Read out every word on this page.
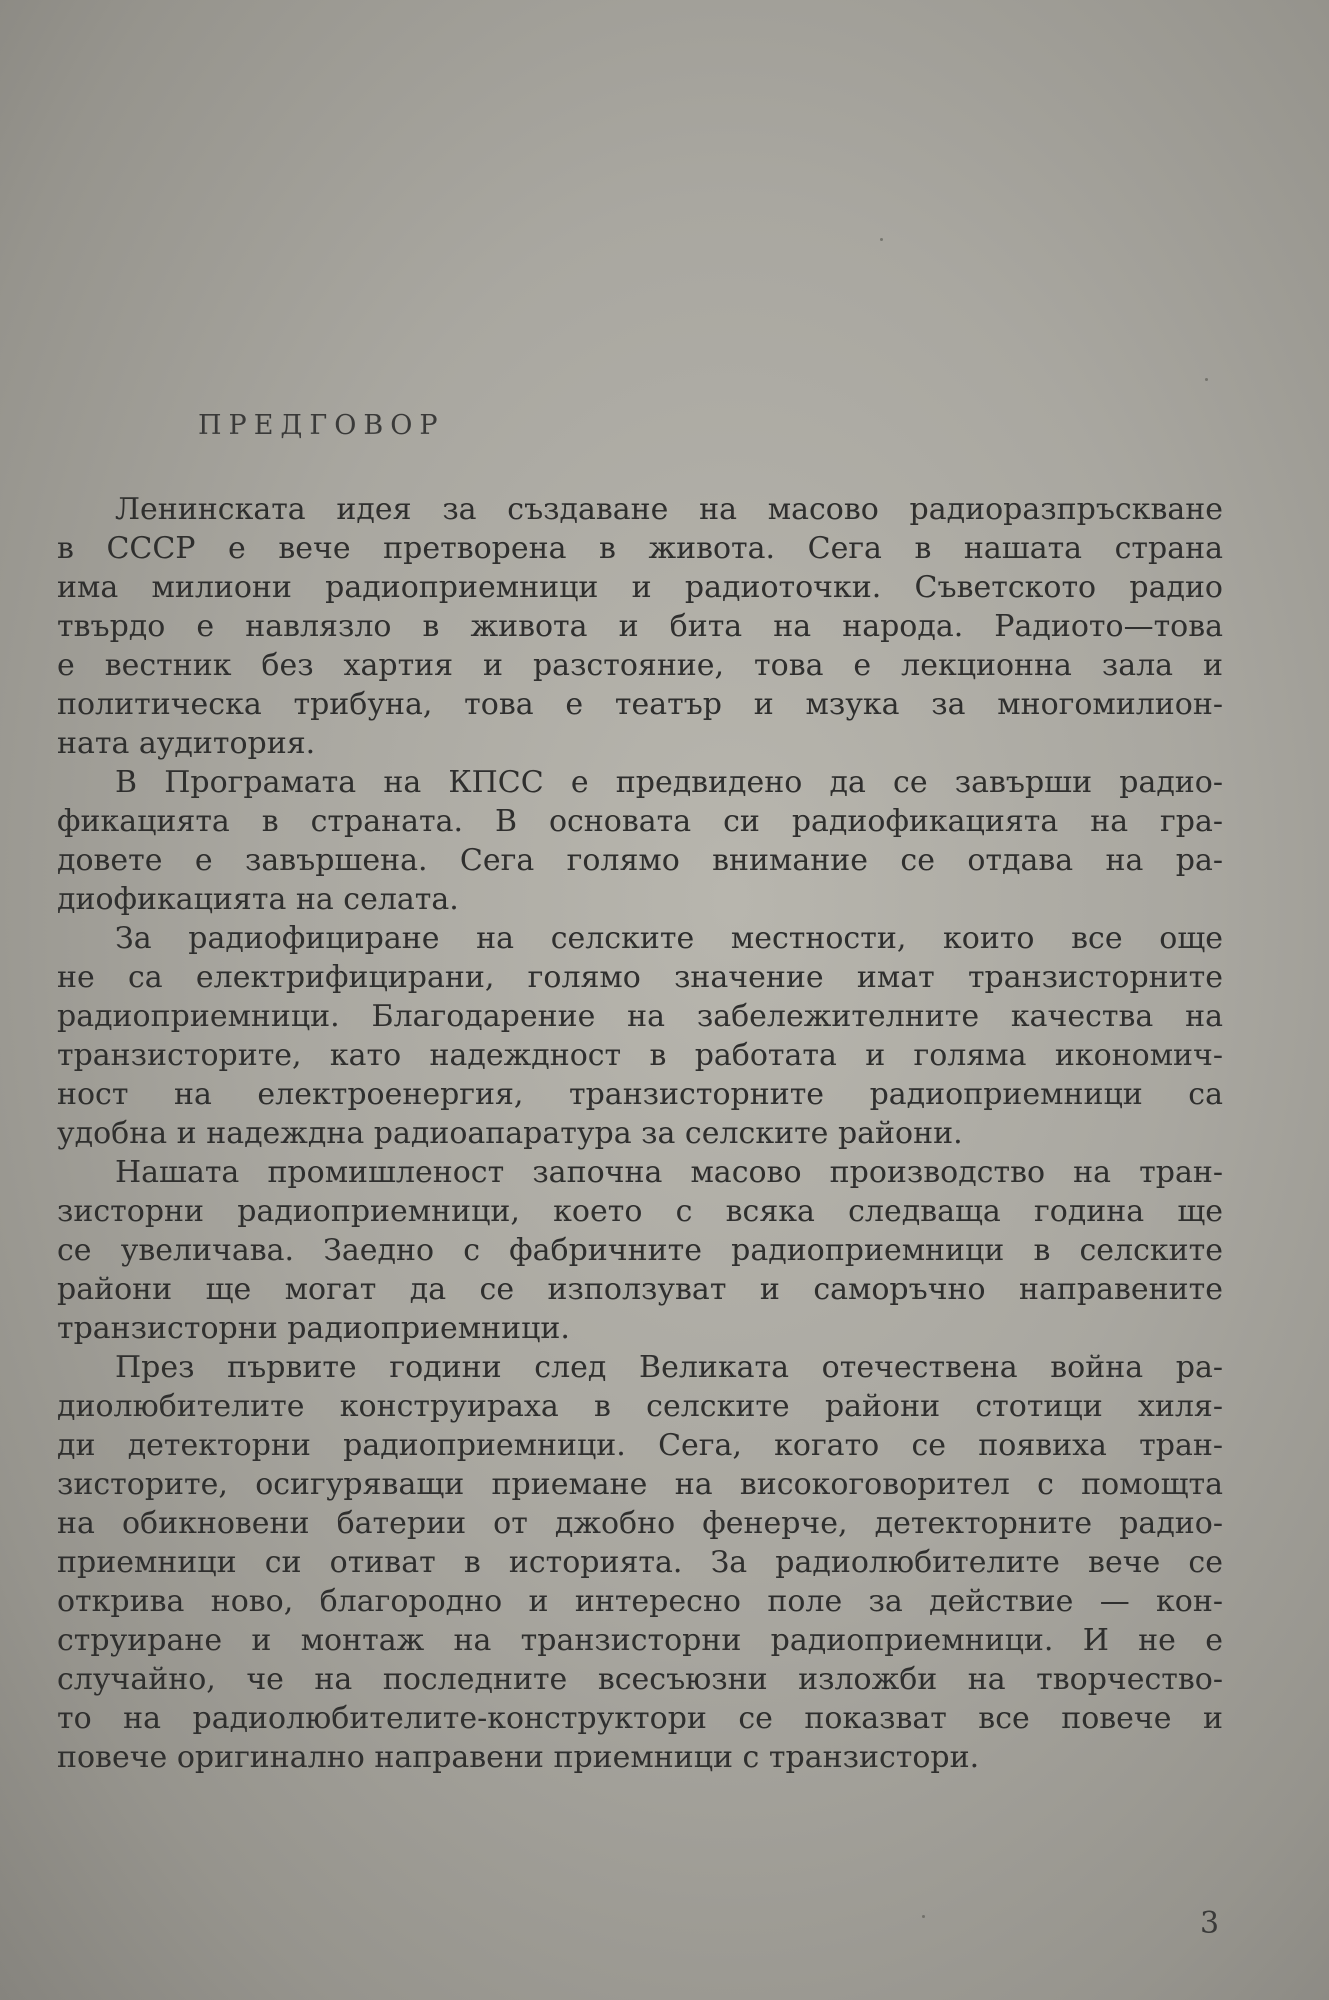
ПРЕДГОВОР
Ленинската идея за създаване на масово радиоразпръскване
в СССР е вече претворена в живота. Сега в нашата страна
има милиони радиоприемници и радиоточки. Съветското радио
твърдо е навлязло в живота и бита на народа. Радиото—това
е вестник без хартия и разстояние, това е лекционна зала и
политическа трибуна, това е театър и мзука за многомилион-
ната аудитория.
В Програмата на КПСС е предвидено да се завърши радио-
фикацията в страната. В основата си радиофикацията на гра-
довете е завършена. Сега голямо внимание се отдава на ра-
диофикацията на селата.
За радиофициране на селските местности, които все още
не са електрифицирани, голямо значение имат транзисторните
радиоприемници. Благодарение на забележителните качества на
транзисторите, като надеждност в работата и голяма икономич-
ност на електроенергия, транзисторните радиоприемници са
удобна и надеждна радиоапаратура за селските райони.
Нашата промишленост започна масово производство на тран-
зисторни радиоприемници, което с всяка следваща година ще
се увеличава. Заедно с фабричните радиоприемници в селските
райони ще могат да се използуват и саморъчно направените
транзисторни радиоприемници.
През първите години след Великата отечествена война ра-
диолюбителите конструираха в селските райони стотици хиля-
ди детекторни радиоприемници. Сега, когато се появиха тран-
зисторите, осигуряващи приемане на високоговорител с помощта
на обикновени батерии от джобно фенерче, детекторните радио-
приемници си отиват в историята. За радиолюбителите вече се
открива ново, благородно и интересно поле за действие — кон-
струиране и монтаж на транзисторни радиоприемници. И не е
случайно, че на последните всесъюзни изложби на творчество-
то на радиолюбителите-конструктори се показват все повече и
повече оригинално направени приемници с транзистори.
3
